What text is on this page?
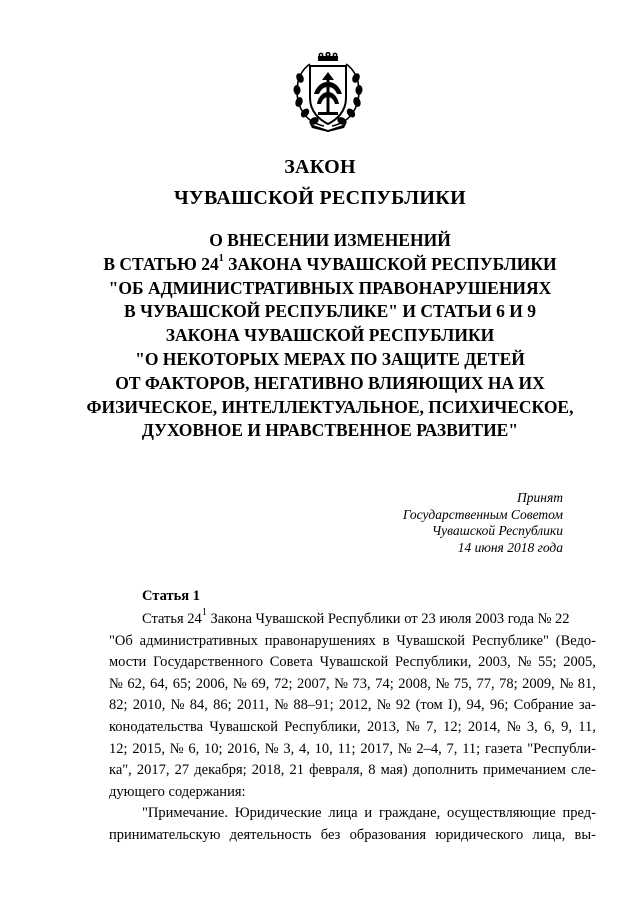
ЗАКОН
ЧУВАШСКОЙ РЕСПУБЛИКИ
О ВНЕСЕНИИ ИЗМЕНЕНИЙ
В СТАТЬЮ $24^1$ ЗАКОНА ЧУВАШСКОЙ РЕСПУБЛИКИ
"ОБ АДМИНИСТРАТИВНЫХ ПРАВОНАРУШЕНИЯХ
В ЧУВАШСКОЙ РЕСПУБЛИКЕ" И СТАТЬИ 6 И 9
ЗАКОНА ЧУВАШСКОЙ РЕСПУБЛИКИ
"О НЕКОТОРЫХ МЕРАХ ПО ЗАЩИТЕ ДЕТЕЙ
ОТ ФАКТОРОВ, НЕГАТИВНО ВЛИЯЮЩИХ НА ИХ
ФИЗИЧЕСКОЕ, ИНТЕЛЛЕКТУАЛЬНОЕ, ПСИХИЧЕСКОЕ,
ДУХОВНОЕ И НРАВСТВЕННОЕ РАЗВИТИЕ"
Принят
Государственным Советом
Чувашской Республики
14 июня 2018 года
Статья 1
Статья $24^1$ Закона Чувашской Республики от 23 июля 2003 года № 22
"Об административных правонарушениях в Чувашской Республике" (Ведо-
мости Государственного Совета Чувашской Республики, 2003, № 55; 2005,
№ 62, 64, 65; 2006, № 69, 72; 2007, № 73, 74; 2008, № 75, 77, 78; 2009, № 81,
82; 2010, № 84, 86; 2011, № 88–91; 2012, № 92 (том I), 94, 96; Собрание за-
конодательства Чувашской Республики, 2013, № 7, 12; 2014, № 3, 6, 9, 11,
12; 2015, № 6, 10; 2016, № 3, 4, 10, 11; 2017, № 2–4, 7, 11; газета "Республи-
ка", 2017, 27 декабря; 2018, 21 февраля, 8 мая) дополнить примечанием сле-
дующего содержания:
"Примечание. Юридические лица и граждане, осуществляющие пред-
принимательскую деятельность без образования юридического лица, вы-
